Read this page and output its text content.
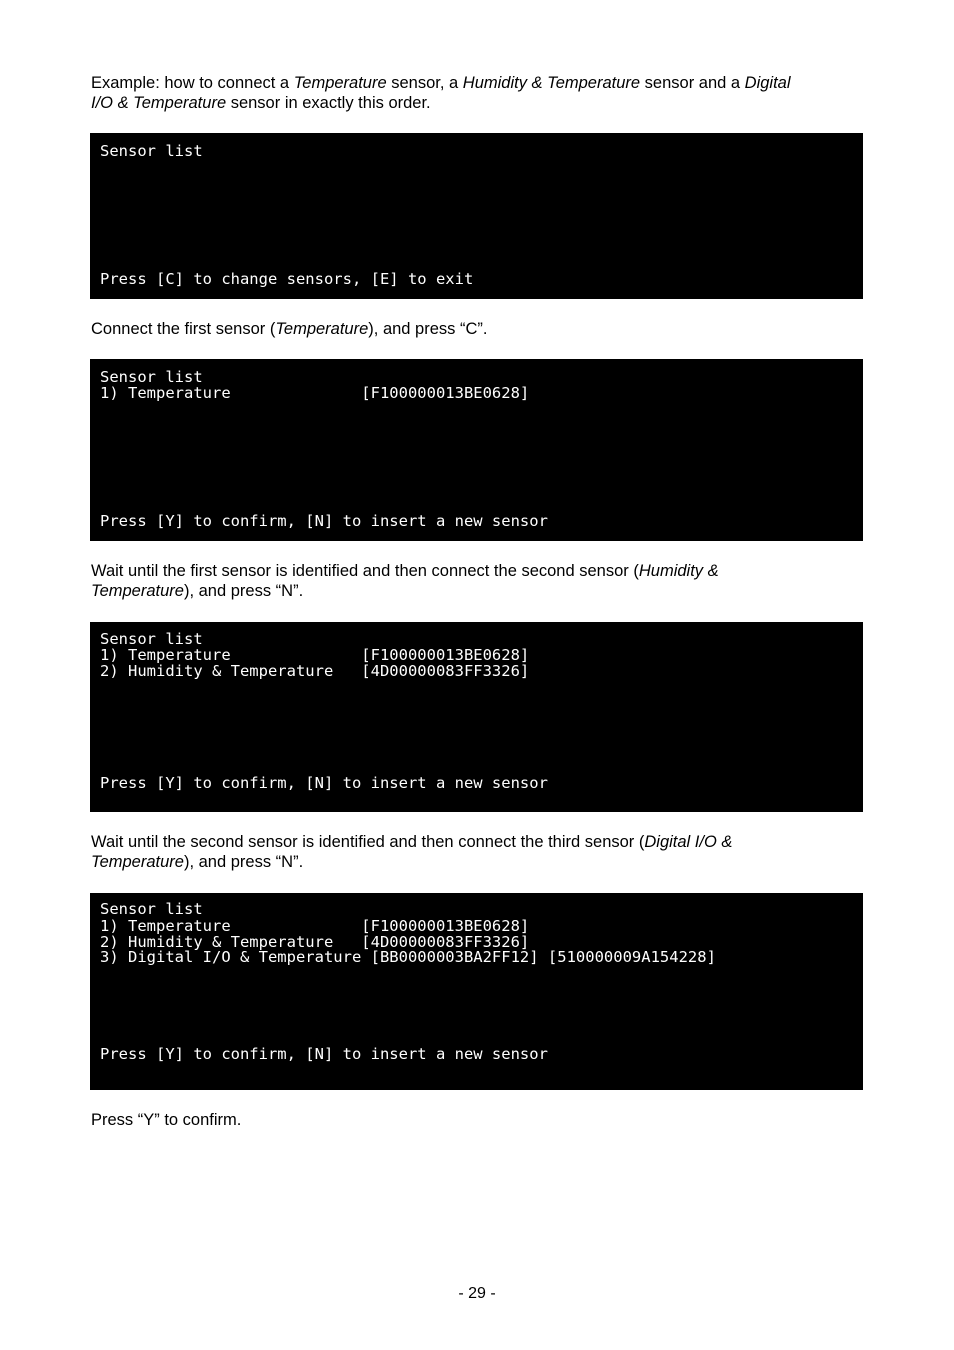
Example: how to connect a Temperature sensor, a Humidity & Temperature sensor and a Digital
I/O & Temperature sensor in exactly this order.

Sensor list
Press [C] to change sensors, [E] to exit

Connect the first sensor (Temperature), and press “C”.

Sensor list
1) Temperature              [F100000013BE0628]
Press [Y] to confirm, [N] to insert a new sensor

Wait until the first sensor is identified and then connect the second sensor (Humidity &
Temperature), and press “N”.

Sensor list
1) Temperature              [F100000013BE0628]
2) Humidity & Temperature   [4D00000083FF3326]
Press [Y] to confirm, [N] to insert a new sensor

Wait until the second sensor is identified and then connect the third sensor (Digital I/O &
Temperature), and press “N”.

Sensor list
1) Temperature              [F100000013BE0628]
2) Humidity & Temperature   [4D00000083FF3326]
3) Digital I/O & Temperature [BB0000003BA2FF12] [510000009A154228]
Press [Y] to confirm, [N] to insert a new sensor

Press “Y” to confirm.

- 29 -
